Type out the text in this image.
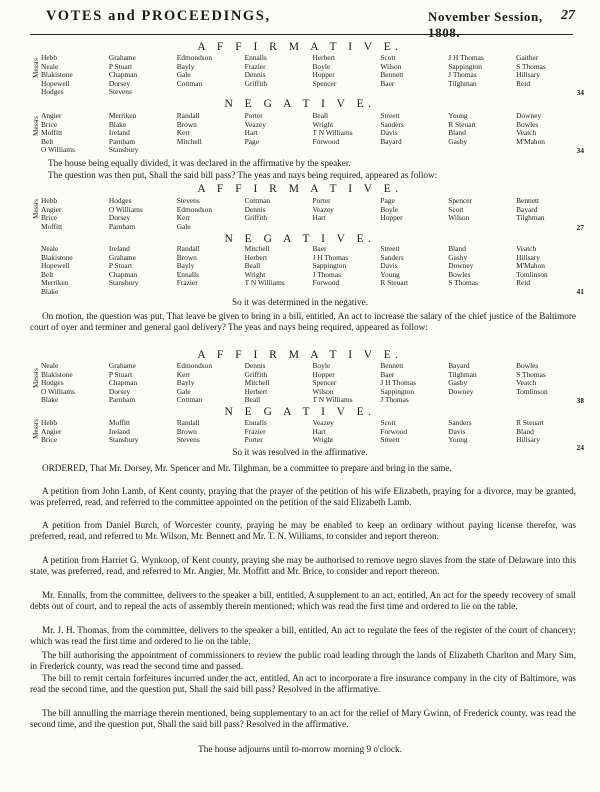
VOTES and PROCEEDINGS,	November Session, 1808.
27
A F F I R M A T I V E.
Messrs
Hebb
Neale
Blakistone
Hopewell
Hodges
Grahame
P Stuart
Chapman
Dorsey
Stevens
Edmondson
Bayly
Gale
Cottman
Ennalls
Frazier
Dennis
Griffith
Herbert
Boyle
Hopper
Spencer
Scott
Wilson
Bennett
Baer
J H Thomas
Sappington
J Thomas
Tilghman
Gaither
S Thomas
Hillsary
Reid
34
N E G A T I V E.
Messrs
Angier
Brice
Moffitt
Belt
O Williams
Merriken
Blake
Ireland
Parnham
Stansbury
Randall
Brown
Kerr
Mitchell
Porter
Veazey
Hart
Page
Beall
Wright
T N Williams
Forwood
Streett
Sanders
Davis
Bayard
Young
R Steuart
Bland
Gasby
Downey
Bowles
Veatch
M'Mahon
34
The house being equally divided, it was declared in the affirmative by the speaker.
The question was then put, Shall the said bill pass? The yeas and nays being required, appeared as follow:
A F F I R M A T I V E.
Messrs Hebb
Angier
Brice
Moffitt
Hodges
O Williams
Dorsey
Parnham
Stevens
Edmondson
Kerr
Gale
Cottman
Dennis
Griffith
Porter
Veazey
Hart
Page
Boyle
Hopper
Spencer
Scott
Wilson
Bennett
Bayard
Tilghman
27
N E G A T I V E.
Neale
Blakistone
Hopewell
Belt
Merriken
Blake
Ireland
Grahame
P Stuart
Chapman
Stansbury
Randall
Brown
Bayly
Ennalls
Frazier
Mitchell
Herbert
Beall
Wright
T N Williams
Baer
J H Thomas
Sappington
J Thomas
Forwood
Streett
Sanders
Davis
Young
R Steuart
Bland
Gasby
Downey
Bowles
S Thomas
Veatch
Hillsary
M'Mahon
Tomlinson
Reid
41
So it was determined in the negative.
On motion, the question was put, That leave be given to bring in a bill, entitled, An act to increase the salary of the chief justice of the Baltimore court of oyer and terminer and general gaol delivery? The yeas and nays being required, appeared as follow:
A F F I R M A T I V E.
Messrs
Neale
Blakistone
Hodges
O Williams
Blake
Grahame
P Stuart
Chapman
Dorsey
Parnham
Edmondson
Kerr
Bayly
Gale
Cottman
Dennis
Griffith
Mitchell
Herbert
Beall
Boyle
Hopper
Spencer
Wilson
T N Williams
Bennett
Baer
J H Thomas
Sappington
J Thomas
Bayard
Tilghman
Gasby
Downey
Bowles
S Thomas
Veatch
Tomlinson
38
N E G A T I V E.
Messrs Hebb
Angier
Brice
Moffitt
Ireland
Stansbury
Randall
Brown
Stevens
Ennalls
Frazier
Porter
Veazey
Hart
Wright
Scott
Forwood
Streett
Sanders
Davis
Young
R Steuart
Bland
Hillsary
24
So it was resolved in the affirmative.
ORDERED, That Mr. Dorsey, Mr. Spencer and Mr. Tilghman, be a committee to prepare and bring in the same.
A petition from John Lamb, of Kent county, praying that the prayer of the petition of his wife Elizabeth, praying for a divorce, may be granted, was preferred, read, and referred to the committee appointed on the petition of the said Elizabeth Lamb.
A petition from Daniel Burch, of Worcester county, praying he may be enabled to keep an ordinary without paying license therefor, was preferred, read, and referred to Mr. Wilson, Mr. Bennett and Mr. T. N. Williams, to consider and report thereon.
A petition from Harriet G. Wynkoop, of Kent county, praying she may be authorised to remove negro slaves from the state of Delaware into this state, was preferred, read, and referred to Mr. Angier, Mr. Moffitt and Mr. Brice, to consider and report thereon.
Mr. Ennalls, from the committee, delivers to the speaker a bill, entitled, A supplement to an act, entitled, An act for the speedy recovery of small debts out of court, and to repeal the acts of assembly therein mentioned; which was read the first time and ordered to lie on the table.
Mr. J. H. Thomas, from the committee, delivers to the speaker a bill, entitled, An act to regulate the fees of the register of the court of chancery; which was read the first time and ordered to lie on the table.
The bill authorising the appointment of commissioners to review the public road leading through the lands of Elizabeth Charlton and Mary Sim, in Frederick county, was read the second time and passed.
The bill to remit certain forfeitures incurred under the act, entitled, An act to incorporate a fire insurance company in the city of Baltimore, was read the second time, and the question put, Shall the said bill pass? Resolved in the affirmative.
The bill annulling the marriage therein mentioned, being supplementary to an act for the relief of Mary Gwinn, of Frederick county, was read the second time, and the question put, Shall the said bill pass? Resolved in the affirmative.
The house adjourns until to-morrow morning 9 o'clock.
